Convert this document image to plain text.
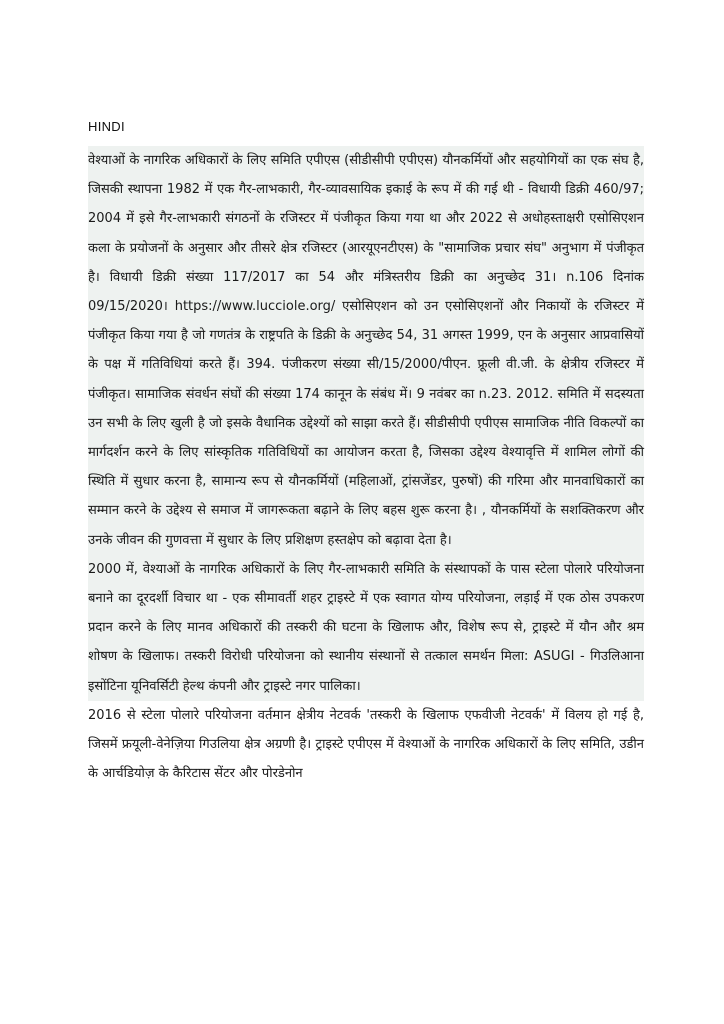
HINDI

वेश्याओं के नागरिक अधिकारों के लिए समिति एपीएस (सीडीसीपी एपीएस) यौनकर्मियों और सहयोगियों का एक संघ है, जिसकी स्थापना 1982 में एक गैर-लाभकारी, गैर-व्यावसायिक इकाई के रूप में की गई थी - विधायी डिक्री 460/97; 2004 में इसे गैर-लाभकारी संगठनों के रजिस्टर में पंजीकृत किया गया था और 2022 से अधोहस्ताक्षरी एसोसिएशन कला के प्रयोजनों के अनुसार और तीसरे क्षेत्र रजिस्टर (आरयूएनटीएस) के "सामाजिक प्रचार संघ" अनुभाग में पंजीकृत है। विधायी डिक्री संख्या 117/2017 का 54 और मंत्रिस्तरीय डिक्री का अनुच्छेद 31। n.106 दिनांक 09/15/2020। https://www.lucciole.org/ एसोसिएशन को उन एसोसिएशनों और निकायों के रजिस्टर में पंजीकृत किया गया है जो गणतंत्र के राष्ट्रपति के डिक्री के अनुच्छेद 54, 31 अगस्त 1999, एन के अनुसार आप्रवासियों के पक्ष में गतिविधियां करते हैं। 394. पंजीकरण संख्या सी/15/2000/पीएन. फ्रूली वी.जी. के क्षेत्रीय रजिस्टर में पंजीकृत। सामाजिक संवर्धन संघों की संख्या 174 कानून के संबंध में। 9 नवंबर का n.23. 2012. समिति में सदस्यता उन सभी के लिए खुली है जो इसके वैधानिक उद्देश्यों को साझा करते हैं। सीडीसीपी एपीएस सामाजिक नीति विकल्पों का मार्गदर्शन करने के लिए सांस्कृतिक गतिविधियों का आयोजन करता है, जिसका उद्देश्य वेश्यावृत्ति में शामिल लोगों की स्थिति में सुधार करना है, सामान्य रूप से यौनकर्मियों (महिलाओं, ट्रांसजेंडर, पुरुषों) की गरिमा और मानवाधिकारों का सम्मान करने के उद्देश्य से समाज में जागरूकता बढ़ाने के लिए बहस शुरू करना है। , यौनकर्मियों के सशक्तिकरण और उनके जीवन की गुणवत्ता में सुधार के लिए प्रशिक्षण हस्तक्षेप को बढ़ावा देता है।

2000 में, वेश्याओं के नागरिक अधिकारों के लिए गैर-लाभकारी समिति के संस्थापकों के पास स्टेला पोलारे परियोजना बनाने का दूरदर्शी विचार था - एक सीमावर्ती शहर ट्राइस्टे में एक स्वागत योग्य परियोजना, लड़ाई में एक ठोस उपकरण प्रदान करने के लिए मानव अधिकारों की तस्करी की घटना के खिलाफ और, विशेष रूप से, ट्राइस्टे में यौन और श्रम शोषण के खिलाफ। तस्करी विरोधी परियोजना को स्थानीय संस्थानों से तत्काल समर्थन मिला: ASUGI - गिउलिआना इसोंटिना यूनिवर्सिटी हेल्थ कंपनी और ट्राइस्टे नगर पालिका।

2016 से स्टेला पोलारे परियोजना वर्तमान क्षेत्रीय नेटवर्क 'तस्करी के खिलाफ एफवीजी नेटवर्क' में विलय हो गई है, जिसमें फ्रयूली-वेनेज़िया गिउलिया क्षेत्र अग्रणी है। ट्राइस्टे एपीएस में वेश्याओं के नागरिक अधिकारों के लिए समिति, उडीन के आर्चडियोज़ के कैरिटास सेंटर और पोरडेनोन
